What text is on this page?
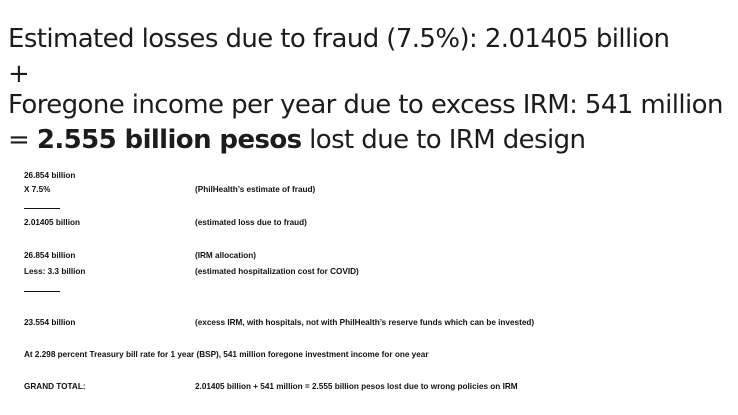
Estimated losses due to fraud (7.5%): 2.01405 billion
+
Foregone income per year due to excess IRM: 541 million
= 2.555 billion pesos lost due to IRM design
26.854 billion
X 7.5%	(PhilHealth’s estimate of fraud)
2.01405 billion	(estimated loss due to fraud)
26.854 billion	(IRM allocation)
Less: 3.3 billion	(estimated hospitalization cost for COVID)
23.554 billion	(excess IRM, with hospitals, not with PhilHealth’s reserve funds which can be invested)
At 2.298 percent Treasury bill rate for 1 year (BSP), 541 million foregone investment income for one year
GRAND TOTAL:	2.01405 billion + 541 million = 2.555 billion pesos lost due to wrong policies on IRM
